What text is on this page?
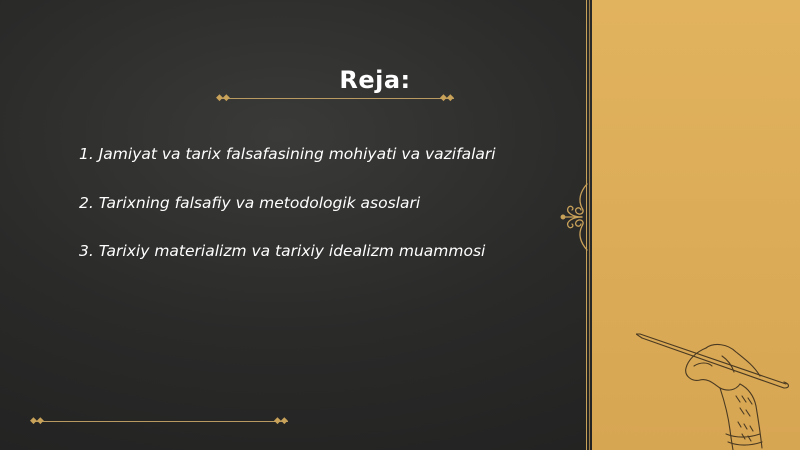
Reja:
◆◆	◆◆
1. Jamiyat va tarix falsafasining mohiyati va vazifalari
2. Tarixning falsafiy va metodologik asoslari
3. Tarixiy materializm va tarixiy idealizm muammosi
◆◆	◆◆
